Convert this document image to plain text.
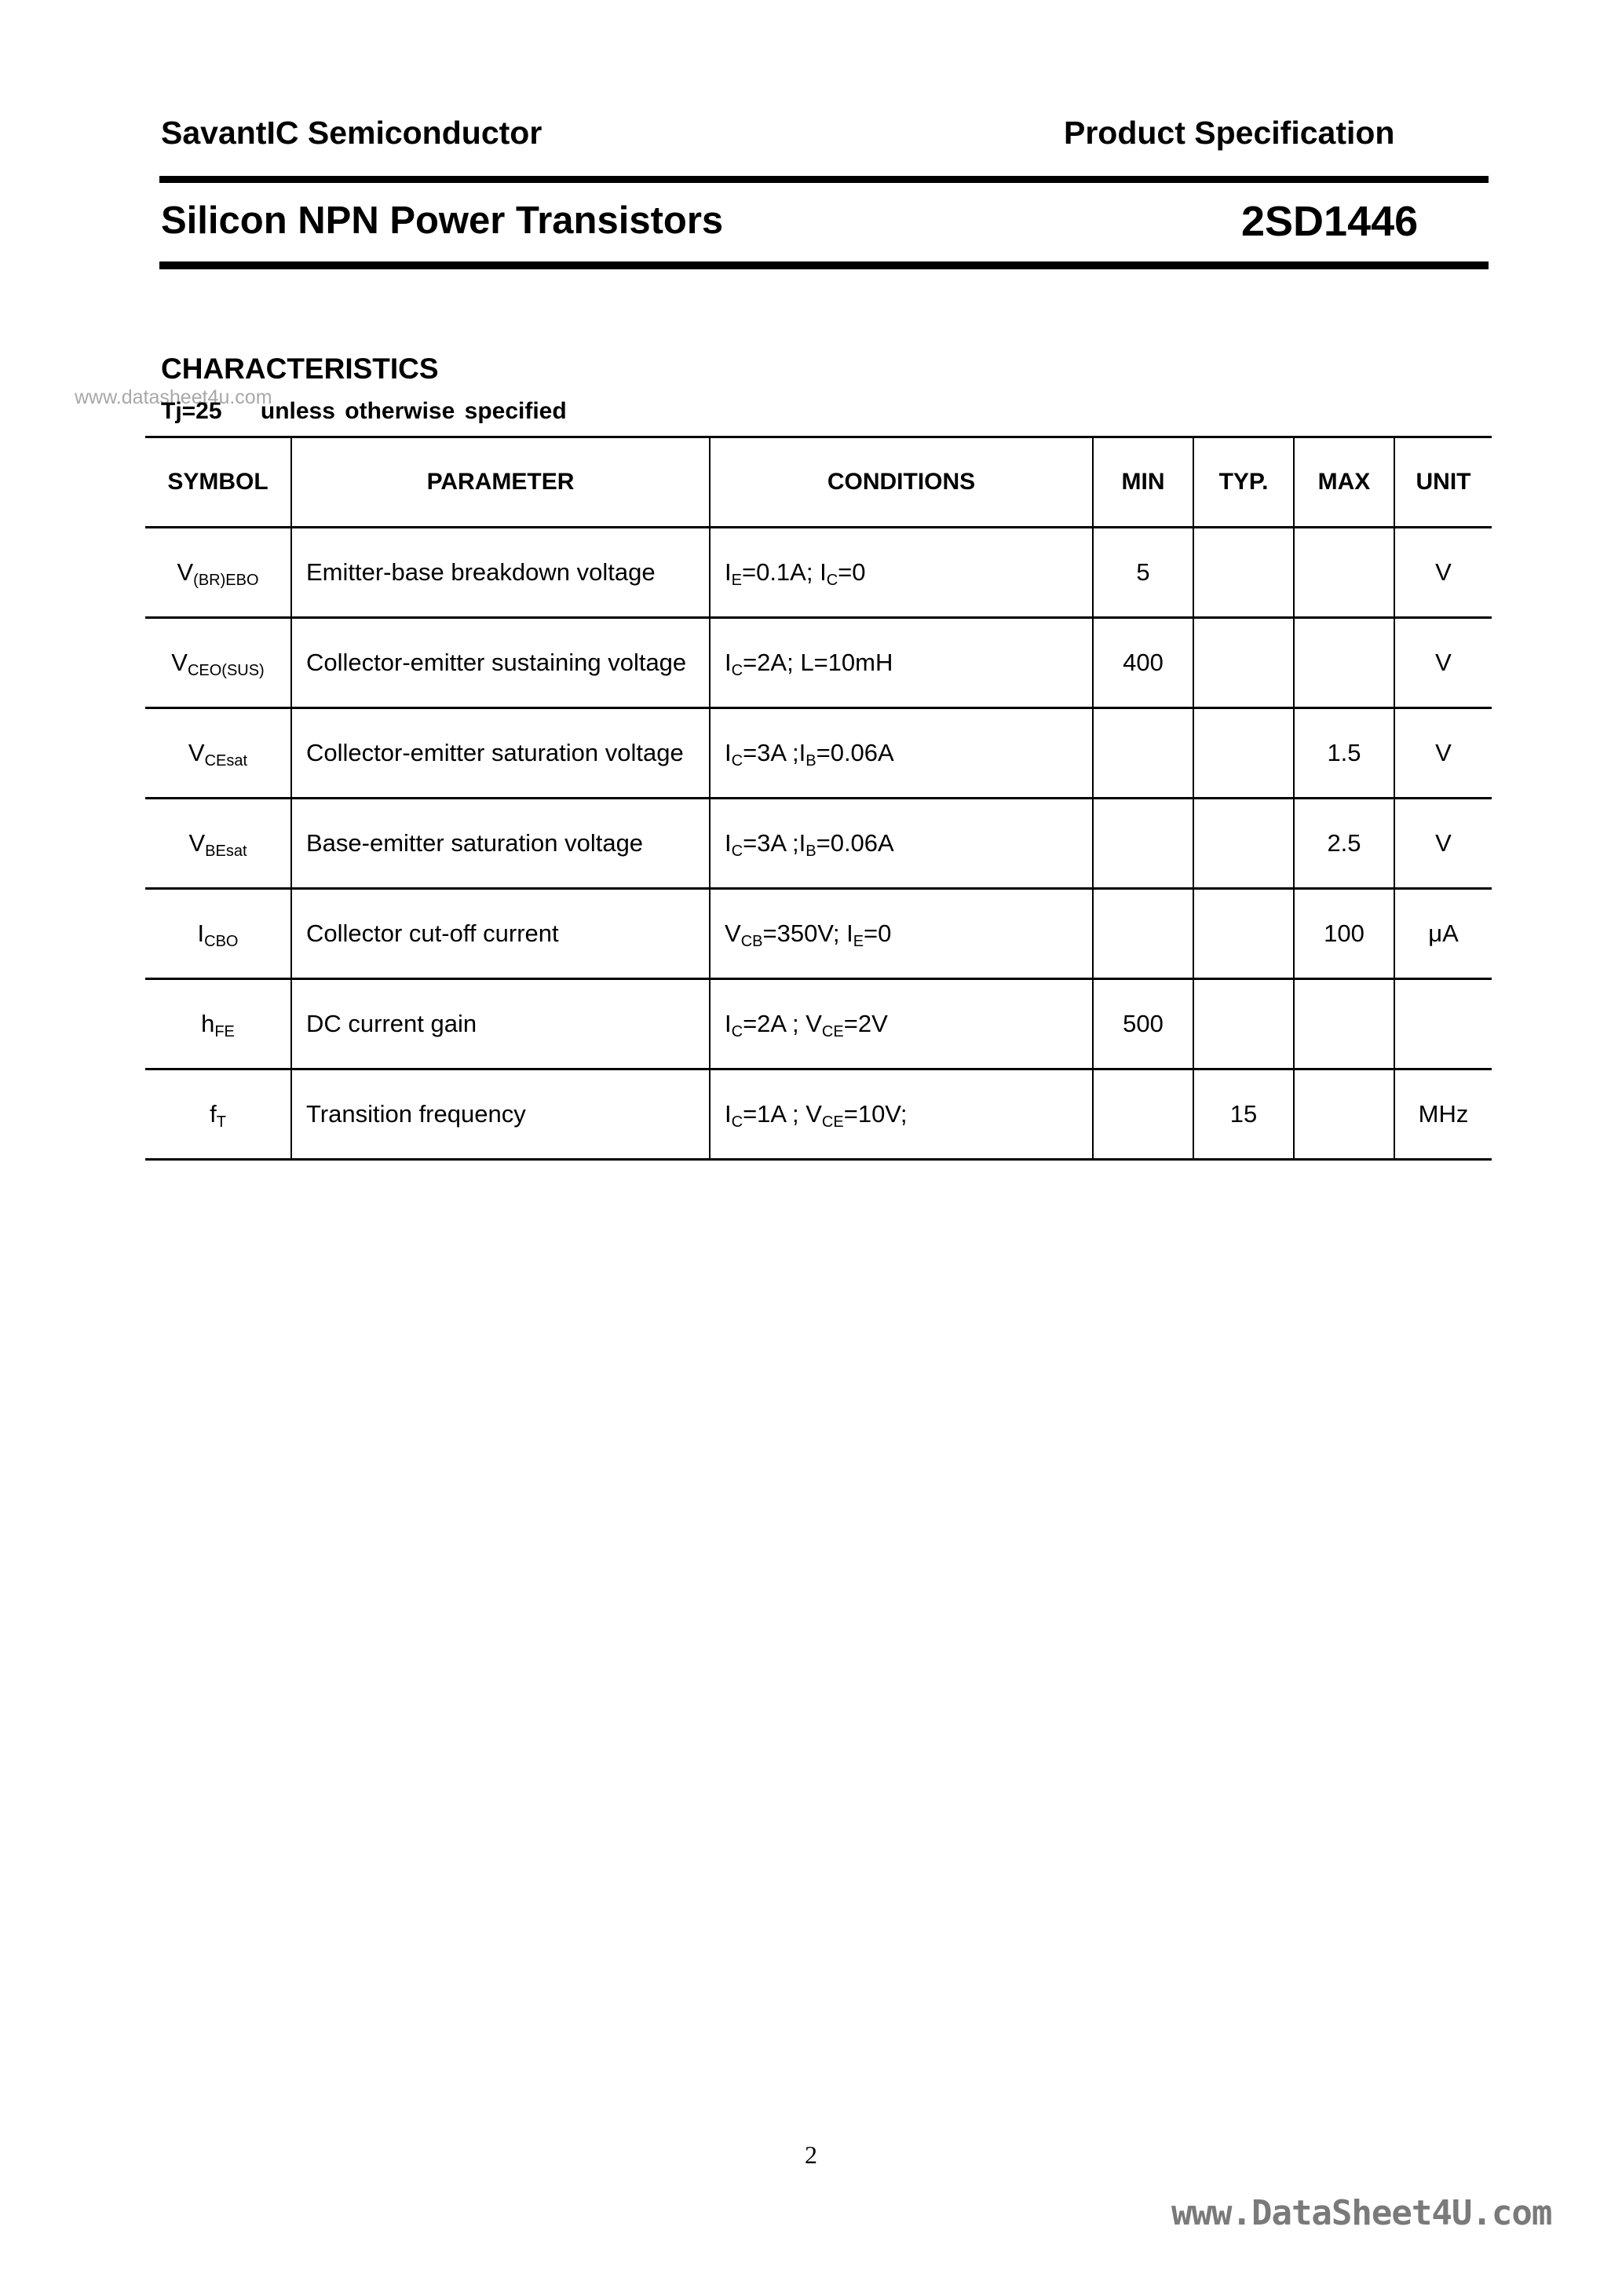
SavantIC Semiconductor	Product Specification
Silicon NPN Power Transistors	2SD1446
CHARACTERISTICS
www.datasheet4u.com
Tj=25    unless otherwise specified
SYMBOL	PARAMETER	CONDITIONS	MIN	TYP.	MAX	UNIT
$V_{(BR)EBO}$	Emitter-base breakdown voltage	$I_E=0.1A$; $I_C=0$	5			V
$V_{CEO(SUS)}$	Collector-emitter sustaining voltage	$I_C=2A$; L=10mH	400			V
$V_{CEsat}$	Collector-emitter saturation voltage	$I_C=3A$ $;I_B=0.06A$			1.5	V
$V_{BEsat}$	Base-emitter saturation voltage	$I_C=3A$ $;I_B=0.06A$			2.5	V
$I_{CBO}$	Collector cut-off current	$V_{CB}=350V$; $I_E=0$			100	μA
$h_{FE}$	DC current gain	$I_C=2A$ ; $V_{CE}=2V$	500			
$f_T$	Transition frequency	$I_C=1A$ ; $V_{CE}=10V$;		15		MHz
2
www.DataSheet4U.com
